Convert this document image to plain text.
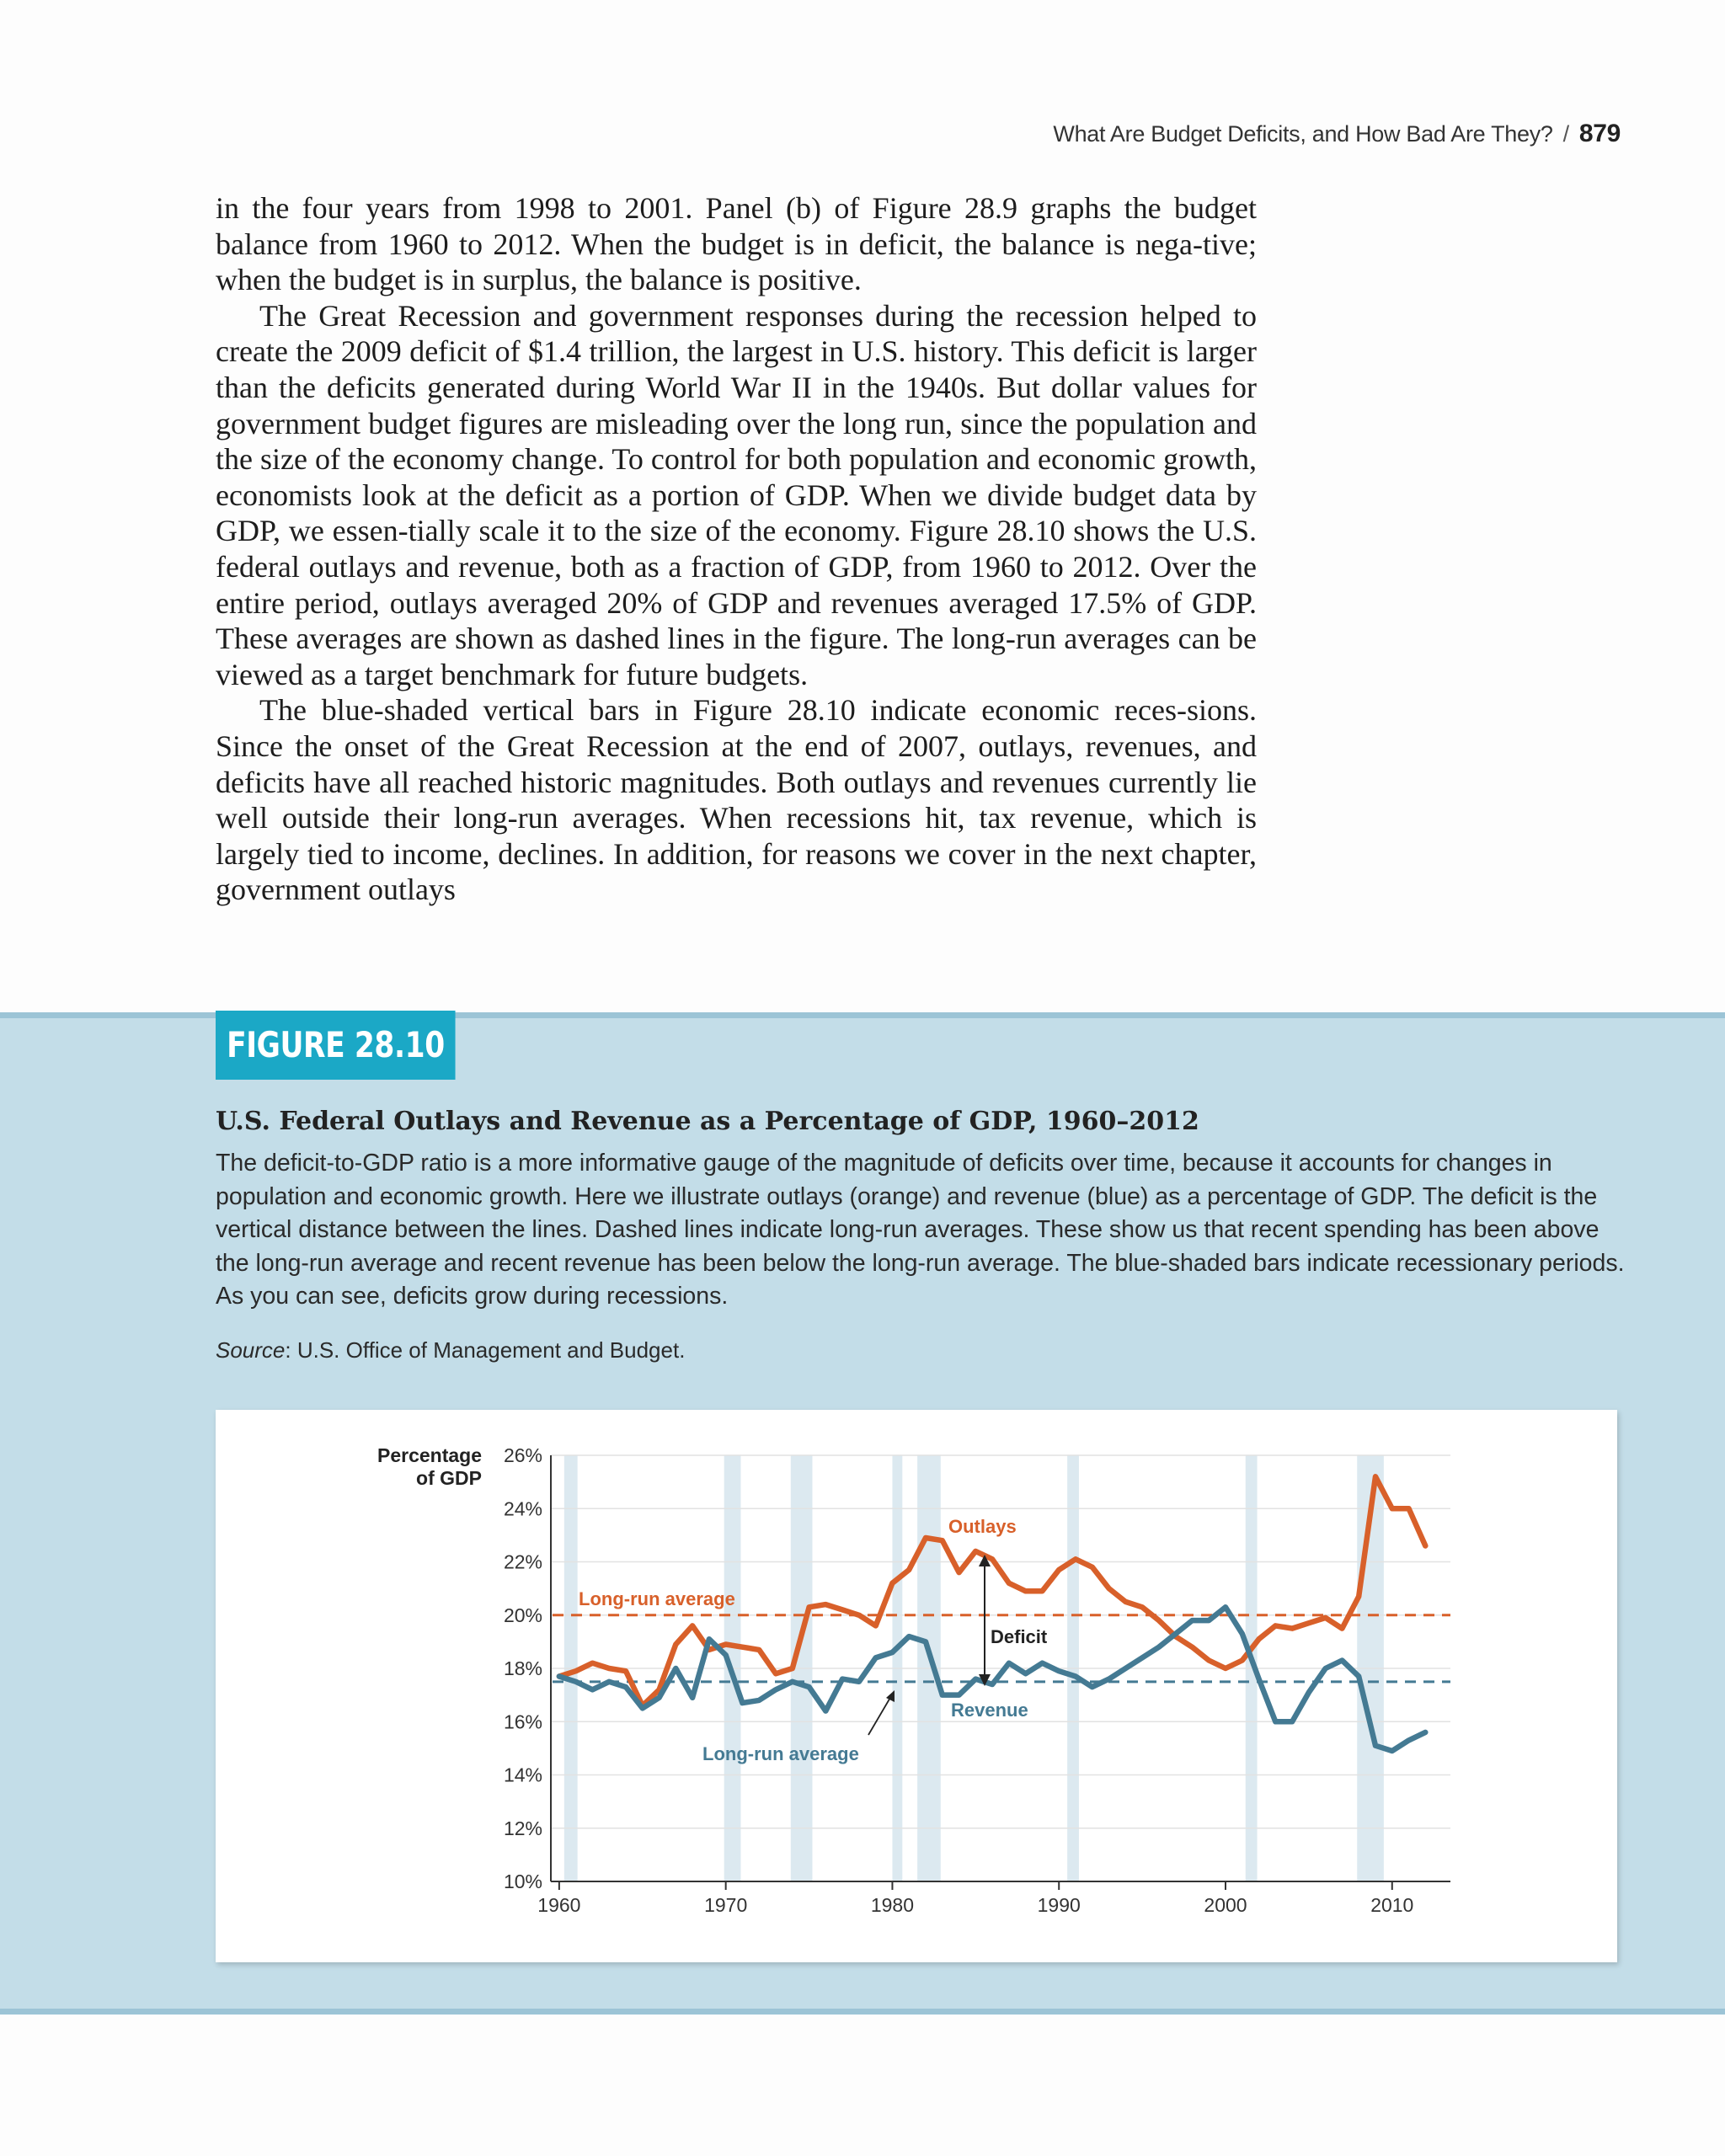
What Are Budget Deficits, and How Bad Are They? / 879

in the four years from 1998 to 2001. Panel (b) of Figure 28.9 graphs the budget balance from 1960 to 2012. When the budget is in deficit, the balance is nega-tive; when the budget is in surplus, the balance is positive.

The Great Recession and government responses during the recession helped to create the 2009 deficit of $1.4 trillion, the largest in U.S. history. This deficit is larger than the deficits generated during World War II in the 1940s. But dollar values for government budget figures are misleading over the long run, since the population and the size of the economy change. To control for both population and economic growth, economists look at the deficit as a portion of GDP. When we divide budget data by GDP, we essen-tially scale it to the size of the economy. Figure 28.10 shows the U.S. federal outlays and revenue, both as a fraction of GDP, from 1960 to 2012. Over the entire period, outlays averaged 20% of GDP and revenues averaged 17.5% of GDP. These averages are shown as dashed lines in the figure. The long-run averages can be viewed as a target benchmark for future budgets.

The blue-shaded vertical bars in Figure 28.10 indicate economic reces-sions. Since the onset of the Great Recession at the end of 2007, outlays, revenues, and deficits have all reached historic magnitudes. Both outlays and revenues currently lie well outside their long-run averages. When recessions hit, tax revenue, which is largely tied to income, declines. In addition, for reasons we cover in the next chapter, government outlays

FIGURE 28.10
U.S. Federal Outlays and Revenue as a Percentage of GDP, 1960–2012

The deficit-to-GDP ratio is a more informative gauge of the magnitude of deficits over time, because it accounts for changes in population and economic growth. Here we illustrate outlays (orange) and revenue (blue) as a percentage of GDP. The deficit is the vertical distance between the lines. Dashed lines indicate long-run averages. These show us that recent spending has been above the long-run average and recent revenue has been below the long-run average. The blue-shaded bars indicate recessionary periods. As you can see, deficits grow during recessions.

Source: U.S. Office of Management and Budget.
10%
12%
14%
16%
18%
20%
22%
24%
26%
1960	1970	1980	1990	2000	2010
Percentage
of GDP
Outlays
Long-run average
Deficit
Revenue
Long-run average
